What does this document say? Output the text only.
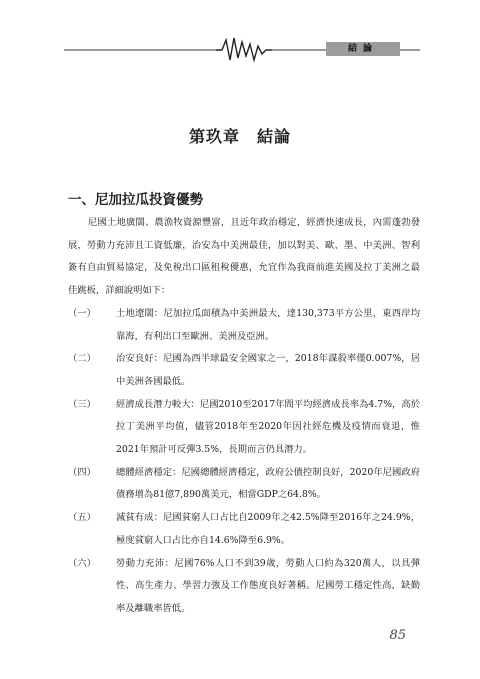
結論
第玖章　結論
一、尼加拉瓜投資優勢

尼國土地廣闊、農漁牧資源豐富，且近年政治穩定，經濟快速成長，內需蓬勃發展，勞動力充沛且工資低廉，治安為中美洲最佳，加以對美、歐、墨、中美洲、智利簽有自由貿易協定，及免稅出口區租稅優惠，允宜作為我商前進美國及拉丁美洲之最佳跳板，詳細說明如下：

（一）	土地遼闊：尼加拉瓜面積為中美洲最大，達130,373平方公里，東西岸均靠海，有利出口至歐洲、美洲及亞洲。
（二）	治安良好：尼國為西半球最安全國家之一，2018年謀殺率僅0.007%，居中美洲各國最低。
（三）	經濟成長潛力較大：尼國2010至2017年間平均經濟成長率為4.7%，高於拉丁美洲平均值，儘管2018年至2020年因社經危機及疫情而衰退，惟2021年預計可反彈3.5%，長期而言仍具潛力。
（四）	總體經濟穩定：尼國總體經濟穩定，政府公債控制良好，2020年尼國政府債務增為81億7,890萬美元，相當GDP之64.8%。
（五）	減貧有成：尼國貧窮人口占比自2009年之42.5%降至2016年之24.9%，極度貧窮人口占比亦自14.6%降至6.9%。
（六）	勞動力充沛：尼國76%人口不到39歲，勞動人口約為320萬人，以具彈性、高生產力、學習力強及工作態度良好著稱。尼國勞工穩定性高，缺勤率及離職率皆低。
85
